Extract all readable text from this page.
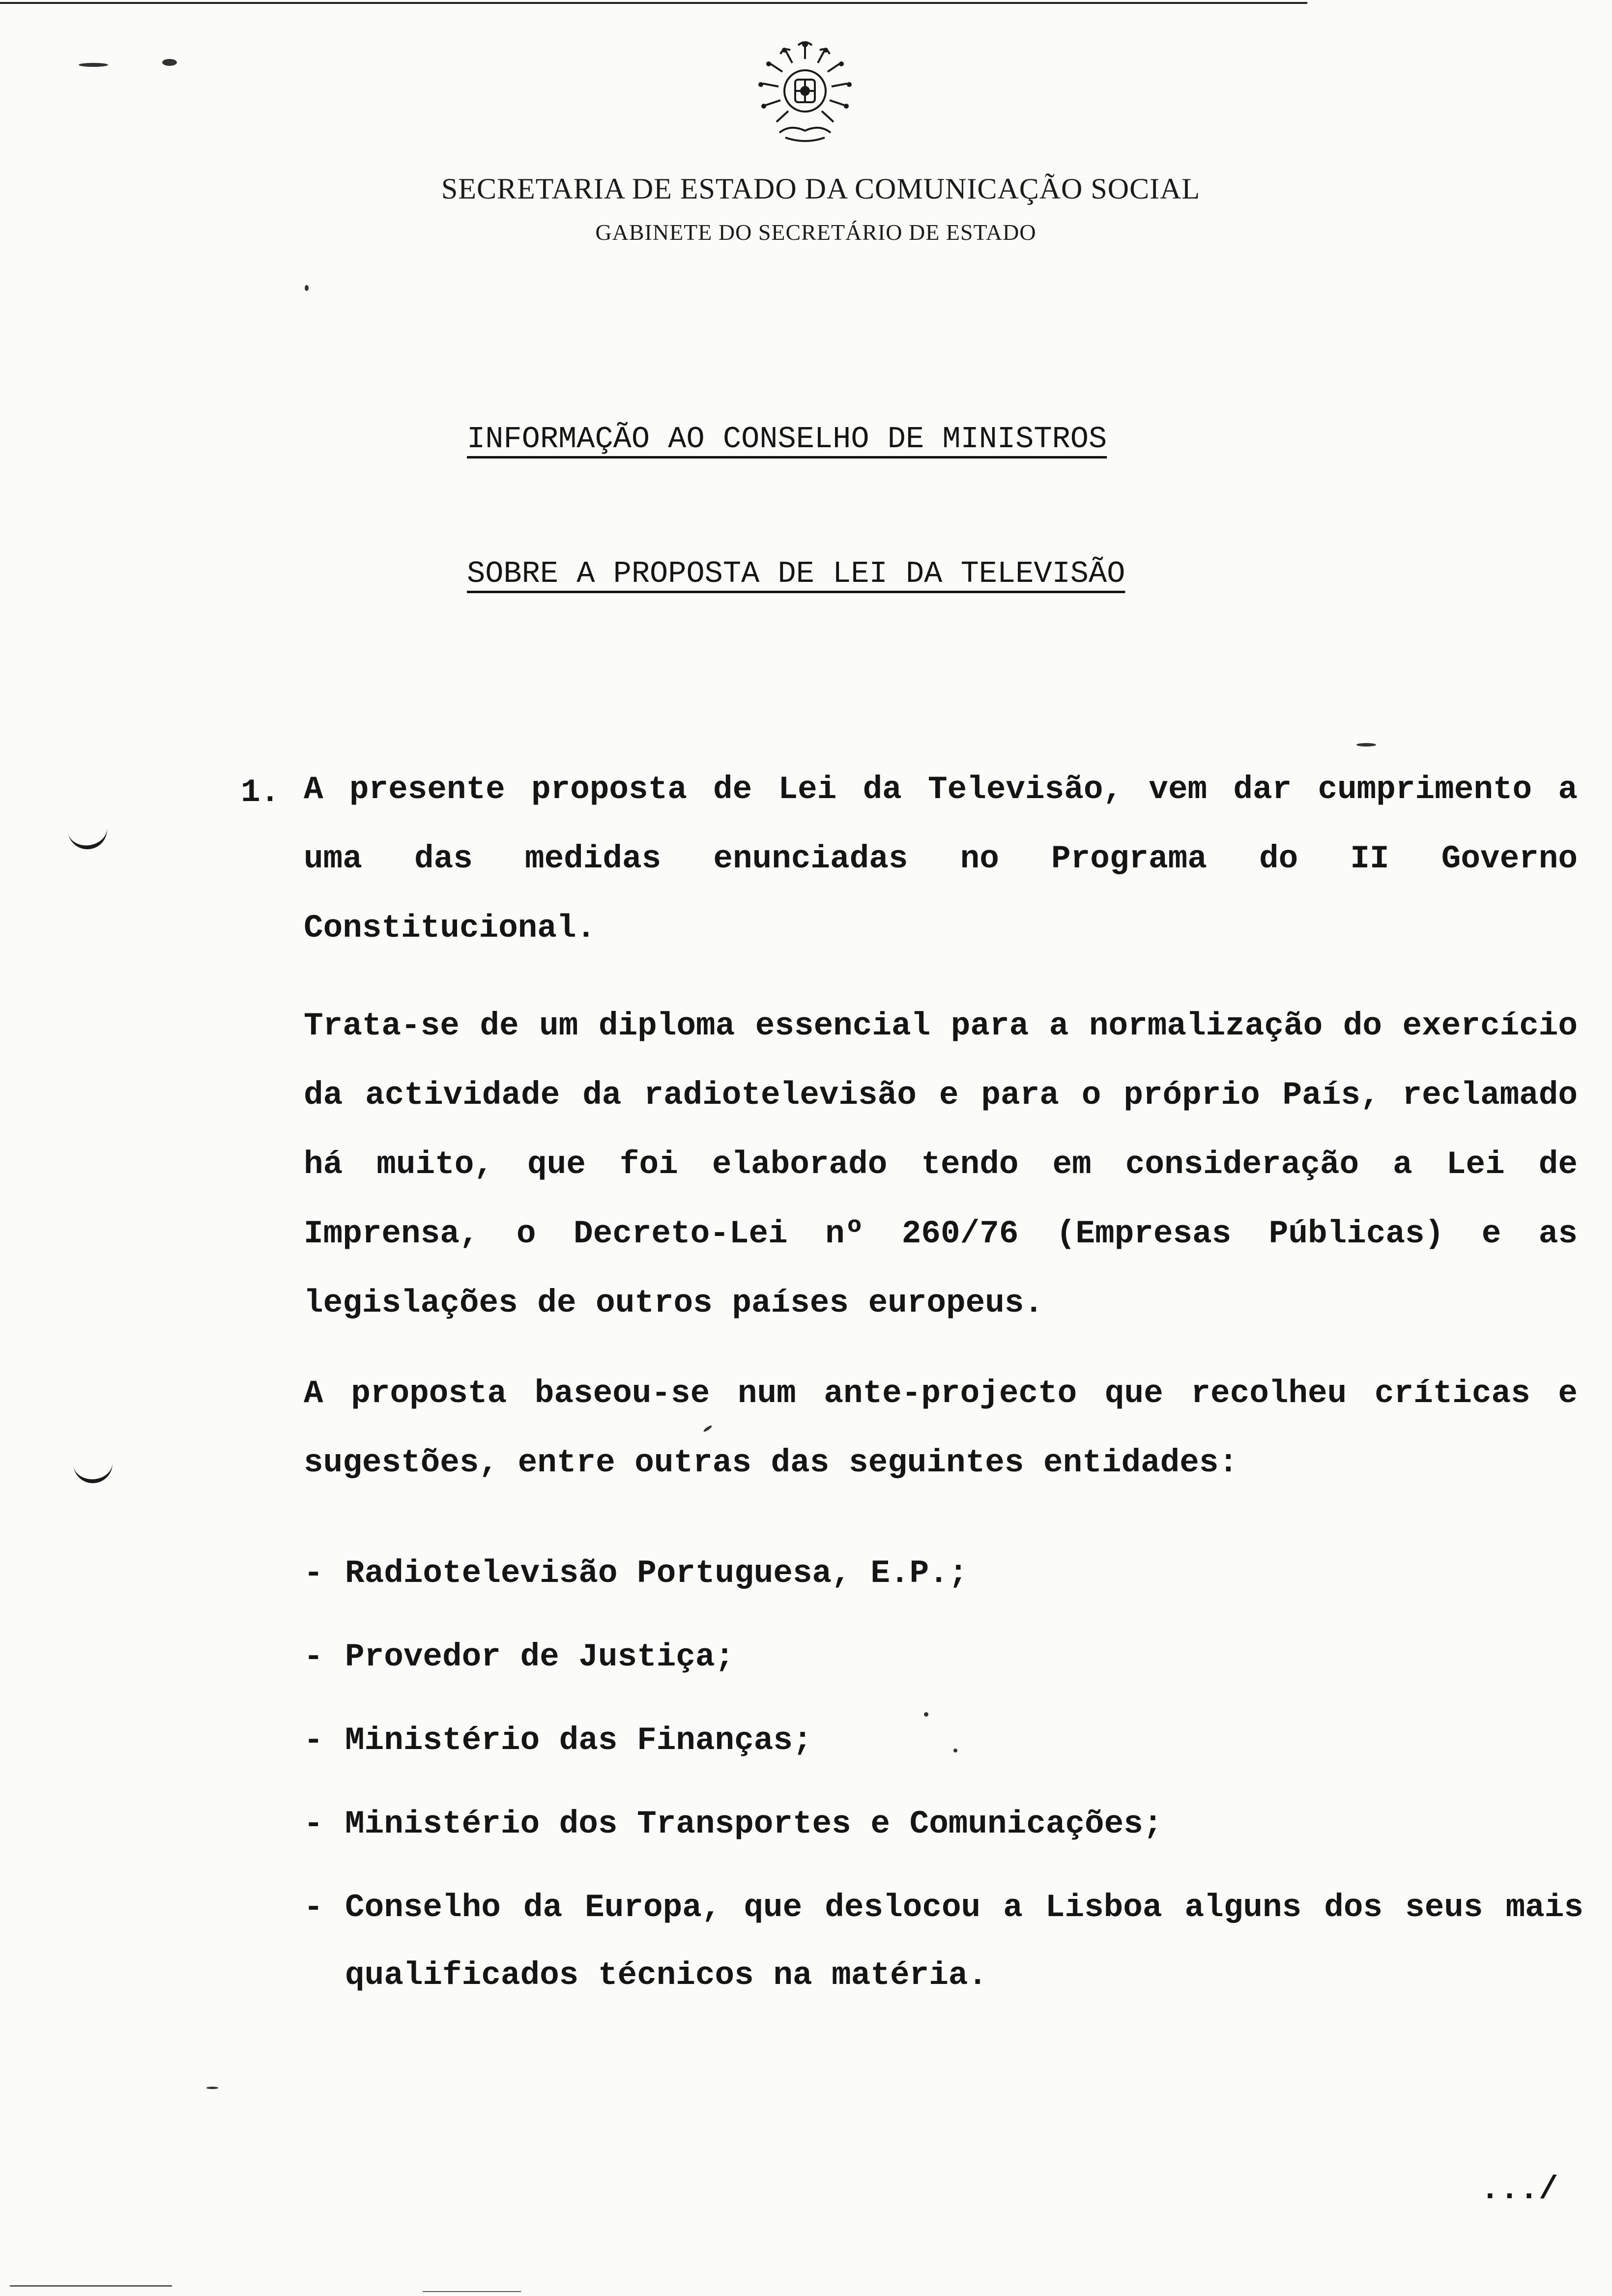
SECRETARIA DE ESTADO DA COMUNICAÇÃO SOCIAL
GABINETE DO SECRETÁRIO DE ESTADO
INFORMAÇÃO AO CONSELHO DE MINISTROS
SOBRE A PROPOSTA DE LEI DA TELEVISÃO
1. A presente proposta de Lei da Televisão, vem dar cumprimento a uma das medidas enunciadas no Programa do II Governo Constitucional.
Trata-se de um diploma essencial para a normalização do exercício da actividade da radiotelevisão e para o próprio País, reclamado há muito, que foi elaborado tendo em consideração a Lei de Imprensa, o Decreto-Lei nº 260/76 (Empresas Públicas) e as legislações de outros países europeus.
A proposta baseou-se num ante-projecto que recolheu críticas e sugestões, entre outras das seguintes entidades:
- Radiotelevisão Portuguesa, E.P.;
- Provedor de Justiça;
- Ministério das Finanças;
- Ministério dos Transportes e Comunicações;
- Conselho da Europa, que deslocou a Lisboa alguns dos seus mais qualificados técnicos na matéria.
.../
